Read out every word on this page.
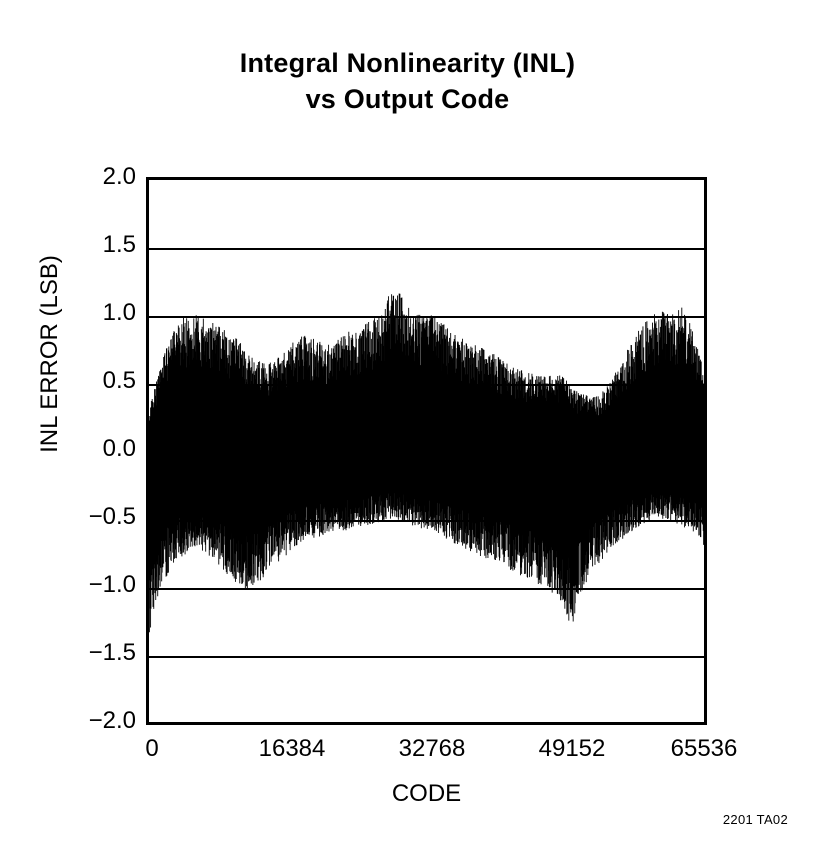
Integral Nonlinearity (INL)
vs Output Code
2.0
1.5
1.0
0.5
0.0
−0.5
−1.0
−1.5
−2.0
INL ERROR (LSB)
0	16384	32768	49152	65536
CODE
2201 TA02
